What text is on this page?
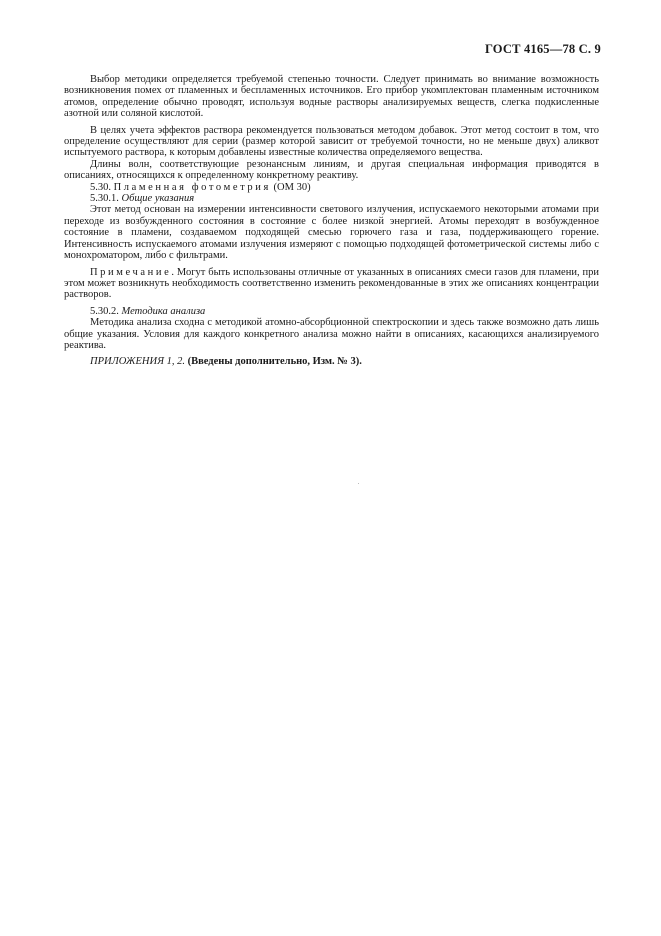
ГОСТ 4165—78 С. 9

Выбор методики определяется требуемой степенью точности. Следует принимать во внимание возможность возникновения помех от пламенных и беспламенных источников. Его прибор укомплектован пламенным источником атомов, определение обычно проводят, используя водные растворы анализируемых веществ, слегка подкисленные азотной или соляной кислотой.

В целях учета эффектов раствора рекомендуется пользоваться методом добавок. Этот метод состоит в том, что определение осуществляют для серии (размер которой зависит от требуемой точности, но не меньше двух) аликвот испытуемого раствора, к которым добавлены известные количества определяемого вещества.

Длины волн, соответствующие резонансным линиям, и другая специальная информация приводятся в описаниях, относящихся к определенному конкретному реактиву.

5.30. Пламенная фотометрия (ОМ 30)

5.30.1. Общие указания

Этот метод основан на измерении интенсивности светового излучения, испускаемого некоторыми атомами при переходе из возбужденного состояния в состояние с более низкой энергией. Атомы переходят в возбужденное состояние в пламени, создаваемом подходящей смесью горючего газа и газа, поддерживающего горение. Интенсивность испускаемого атомами излучения измеряют с помощью подходящей фотометрической системы либо с монохроматором, либо с фильтрами.

Примечание. Могут быть использованы отличные от указанных в описаниях смеси газов для пламени, при этом может возникнуть необходимость соответственно изменить рекомендованные в этих же описаниях концентрации растворов.

5.30.2. Методика анализа

Методика анализа сходна с методикой атомно-абсорбционной спектроскопии и здесь также возможно дать лишь общие указания. Условия для каждого конкретного анализа можно найти в описаниях, касающихся анализируемого реактива.

ПРИЛОЖЕНИЯ 1, 2. (Введены дополнительно, Изм. № 3).
